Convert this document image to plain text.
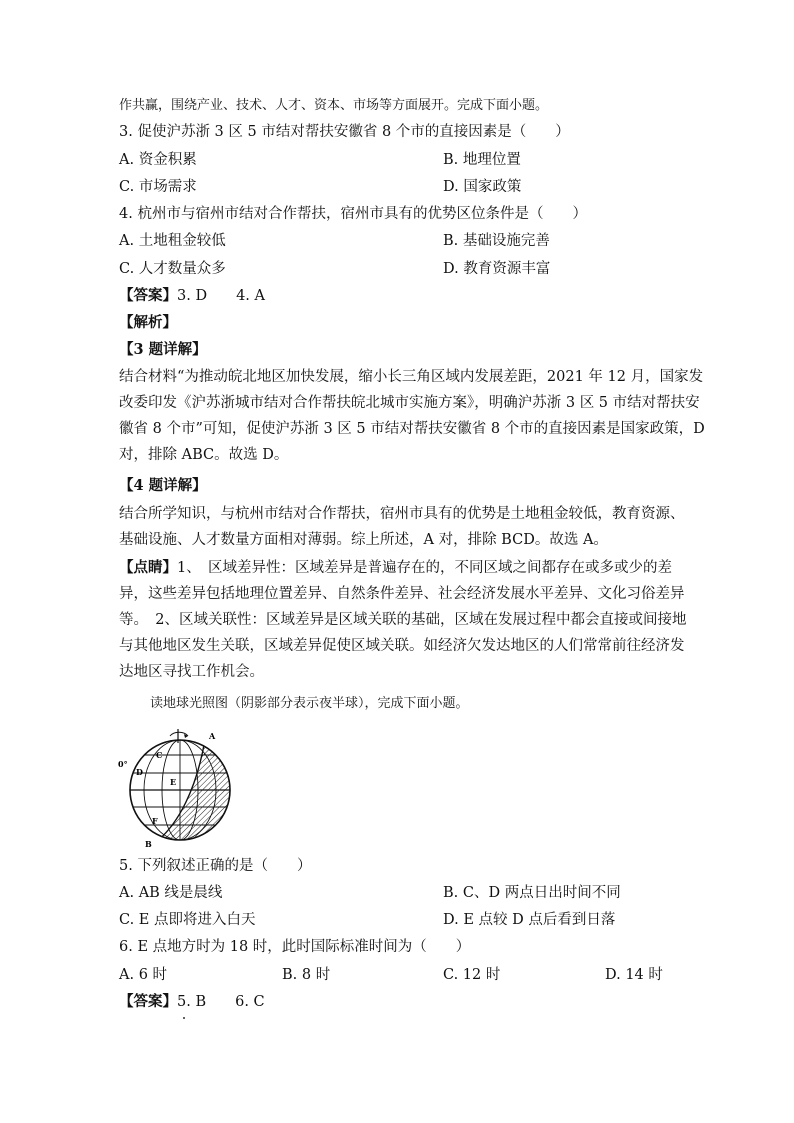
作共赢，围绕产业、技术、人才、资本、市场等方面展开。完成下面小题。
3. 促使沪苏浙 3 区 5 市结对帮扶安徽省 8 个市的直接因素是（　　）
A. 资金积累	B. 地理位置
C. 市场需求	D. 国家政策
4. 杭州市与宿州市结对合作帮扶，宿州市具有的优势区位条件是（　　）
A. 土地租金较低	B. 基础设施完善
C. 人才数量众多	D. 教育资源丰富
【答案】3. D　　4. A
【解析】
【3 题详解】
结合材料“为推动皖北地区加快发展，缩小长三角区域内发展差距，2021 年 12 月，国家发
改委印发《沪苏浙城市结对合作帮扶皖北城市实施方案》，明确沪苏浙 3 区 5 市结对帮扶安
徽省 8 个市”可知，促使沪苏浙 3 区 5 市结对帮扶安徽省 8 个市的直接因素是国家政策，D
对，排除 ABC。故选 D。
【4 题详解】
结合所学知识，与杭州市结对合作帮扶，宿州市具有的优势是土地租金较低，教育资源、
基础设施、人才数量方面相对薄弱。综上所述，A 对，排除 BCD。故选 A。
【点睛】1、　区域差异性：区域差异是普遍存在的，不同区域之间都存在或多或少的差
异，这些差异包括地理位置差异、自然条件差异、社会经济发展水平差异、文化习俗差异
等。　2、区域关联性：区域差异是区域关联的基础，区域在发展过程中都会直接或间接地
与其他地区发生关联，区域差异促使区域关联。如经济欠发达地区的人们常常前往经济发
达地区寻找工作机会。
读地球光照图（阴影部分表示夜半球），完成下面小题。
A
B
C
D
E
F
0°
5. 下列叙述正确的是（　　）
A. AB 线是晨线	B. C、D 两点日出时间不同
C. E 点即将进入白天	D. E 点较 D 点后看到日落
6. E 点地方时为 18 时，此时国际标准时间为（　　）
A. 6 时	B. 8 时	C. 12 时	D. 14 时
【答案】5. B　　6. C
